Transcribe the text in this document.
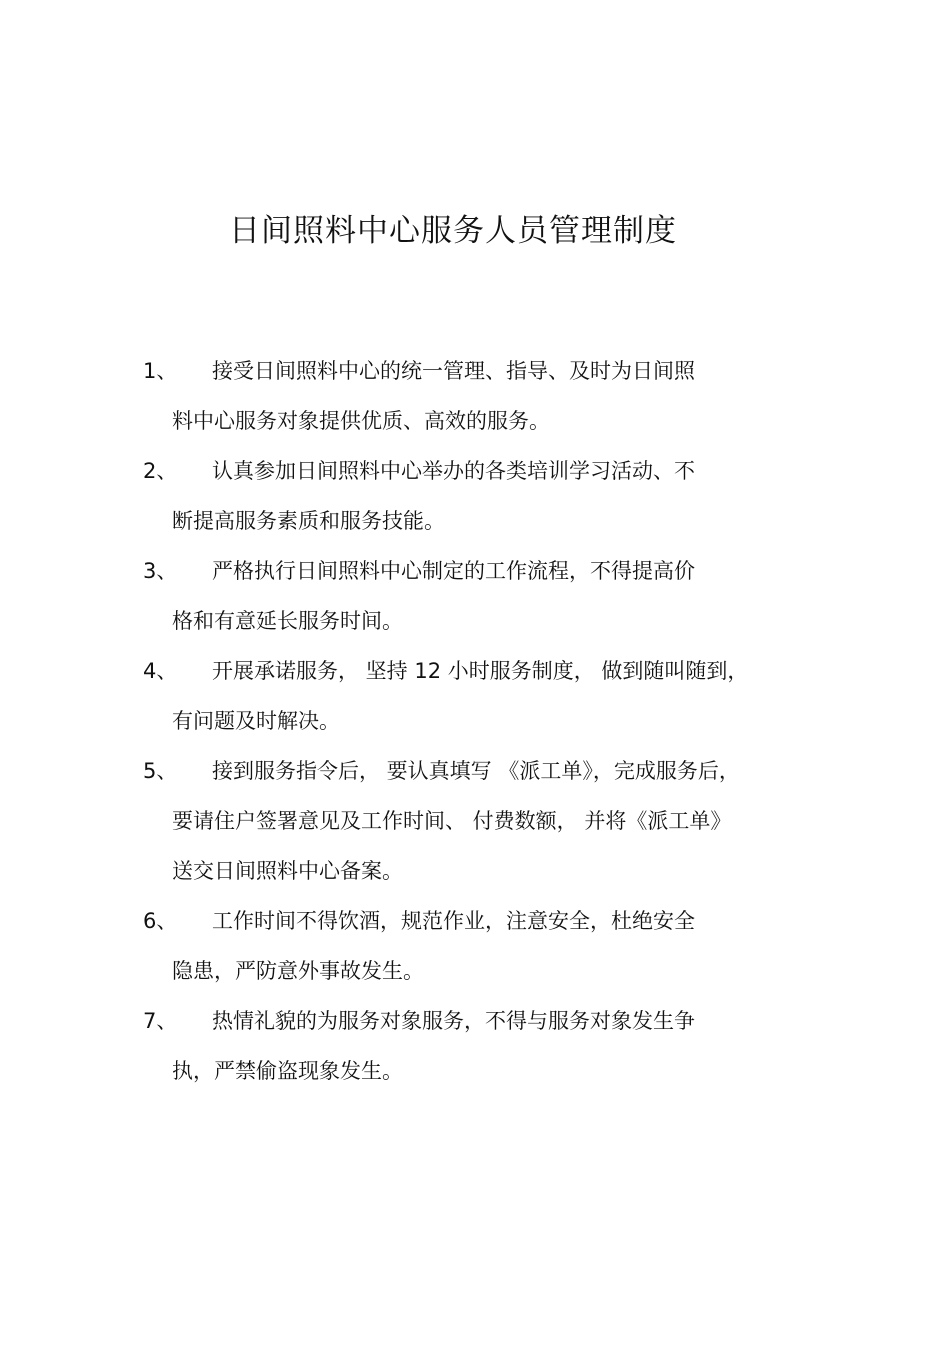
日间照料中心服务人员管理制度
1、 接受日间照料中心的统一管理、指导、及时为日间照
料中心服务对象提供优质、高效的服务。
2、 认真参加日间照料中心举办的各类培训学习活动、不
断提高服务素质和服务技能。
3、 严格执行日间照料中心制定的工作流程，不得提高价
格和有意延长服务时间。
4、 开展承诺服务， 坚持 12 小时服务制度， 做到随叫随到，
有问题及时解决。
5、 接到服务指令后， 要认真填写 《派工单》，完成服务后，
要请住户签署意见及工作时间、 付费数额， 并将《派工单》
送交日间照料中心备案。
6、 工作时间不得饮酒，规范作业，注意安全，杜绝安全
隐患，严防意外事故发生。
7、 热情礼貌的为服务对象服务，不得与服务对象发生争
执，严禁偷盗现象发生。
